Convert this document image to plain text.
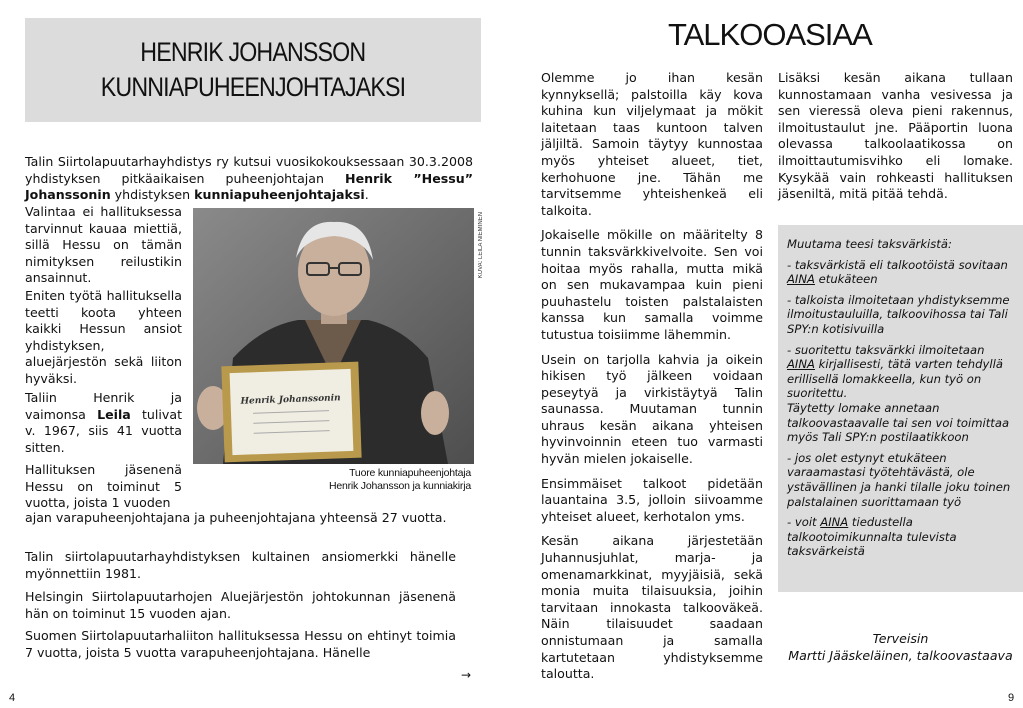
HENRIK JOHANSSON
KUNNIAPUHEENJOHTAJAKSI
Talin Siirtolapuutarhayhdistys ry kutsui vuosikokouksessaan 30.3.2008 yhdistyksen pitkäaikaisen puheenjohtajan Henrik ”Hessu” Johanssonin yhdistyksen kunniapuheenjohtajaksi.
Valintaa ei hallituksessa tarvinnut kauaa miettiä, sillä Hessu on tämän nimityksen reilustikin ansainnut.
Eniten työtä hallituksella teetti koota yhteen kaikki Hessun ansiot yhdistyksen, aluejärjestön sekä liiton hyväksi.
Taliin Henrik ja vaimonsa Leila tulivat v. 1967, siis 41 vuotta sitten.
Hallituksen jäsenenä Hessu on toiminut 5 vuotta, joista 1 vuoden
ajan varapuheenjohtajana ja puheenjohtajana yhteensä 27 vuotta.
Talin siirtolapuutarhayhdistyksen kultainen ansiomerkki hänelle myönnettiin 1981.
Helsingin Siirtolapuutarhojen Aluejärjestön johtokunnan jäsenenä hän on toiminut 15 vuoden ajan.
Suomen Siirtolapuutarhaliiton hallituksessa Hessu on ehtinyt toimia 7 vuotta, joista 5 vuotta varapuheenjohtajana. Hänelle
Henrik Johanssonin
KUVA: LEILA NIEMINEN
Tuore kunniapuheenjohtaja
Henrik Johansson ja kunniakirja
→
4
TALKOOASIAA

Olemme jo ihan kesän kynnyksellä; palstoilla käy kova kuhina kun viljelymaat ja mökit laitetaan taas kuntoon talven jäljiltä. Samoin täytyy kunnostaa myös yhteiset alueet, tiet, kerhohuone jne. Tähän me tarvitsemme yhteishenkeä eli talkoita.

Jokaiselle mökille on määritelty 8 tunnin taksvärkkivelvoite. Sen voi hoitaa myös rahalla, mutta mikä on sen mukavampaa kuin pieni puuhastelu toisten palstalaisten kanssa kun samalla voimme tutustua toisiimme lähemmin.

Usein on tarjolla kahvia ja oikein hikisen työ jälkeen voidaan peseytyä ja virkistäytyä Talin saunassa. Muutaman tunnin uhraus kesän aikana yhteisen hyvinvoinnin eteen tuo varmasti hyvän mielen jokaiselle.

Ensimmäiset talkoot pidetään lauantaina 3.5, jolloin siivoamme yhteiset alueet, kerhotalon yms.

Kesän aikana järjestetään Juhannusjuhlat, marja- ja omenamarkkinat, myyjäisiä, sekä monia muita tilaisuuksia, joihin tarvitaan innokasta talkooväkeä. Näin tilaisuudet saadaan onnistumaan ja samalla kartutetaan yhdistyksemme taloutta.

Lisäksi kesän aikana tullaan kunnostamaan vanha vesivessa ja sen vieressä oleva pieni rakennus, ilmoitustaulut jne. Pääportin luona olevassa talkoolaatikossa on ilmoittautumisvihko eli lomake. Kysykää vain rohkeasti hallituksen jäseniltä, mitä pitää tehdä.

Muutama teesi taksvärkistä:

- taksvärkistä eli talkootöistä sovitaan AINA etukäteen

- talkoista ilmoitetaan yhdistyksemme ilmoitustauluilla, talkoovihossa tai Tali SPY:n kotisivuilla

- suoritettu taksvärkki ilmoitetaan AINA kirjallisesti, tätä varten tehdyllä erillisellä lomakkeella, kun työ on suoritettu.
Täytetty lomake annetaan talkoovastaavalle tai sen voi toimittaa myös Tali SPY:n postilaatikkoon

- jos olet estynyt etukäteen varaamastasi työtehtävästä, ole ystävällinen ja hanki tilalle joku toinen palstalainen suorittamaan työ

- voit AINA tiedustella talkootoimikunnalta tulevista taksvärkeistä

Terveisin
Martti Jääskeläinen, talkoovastaava
9
